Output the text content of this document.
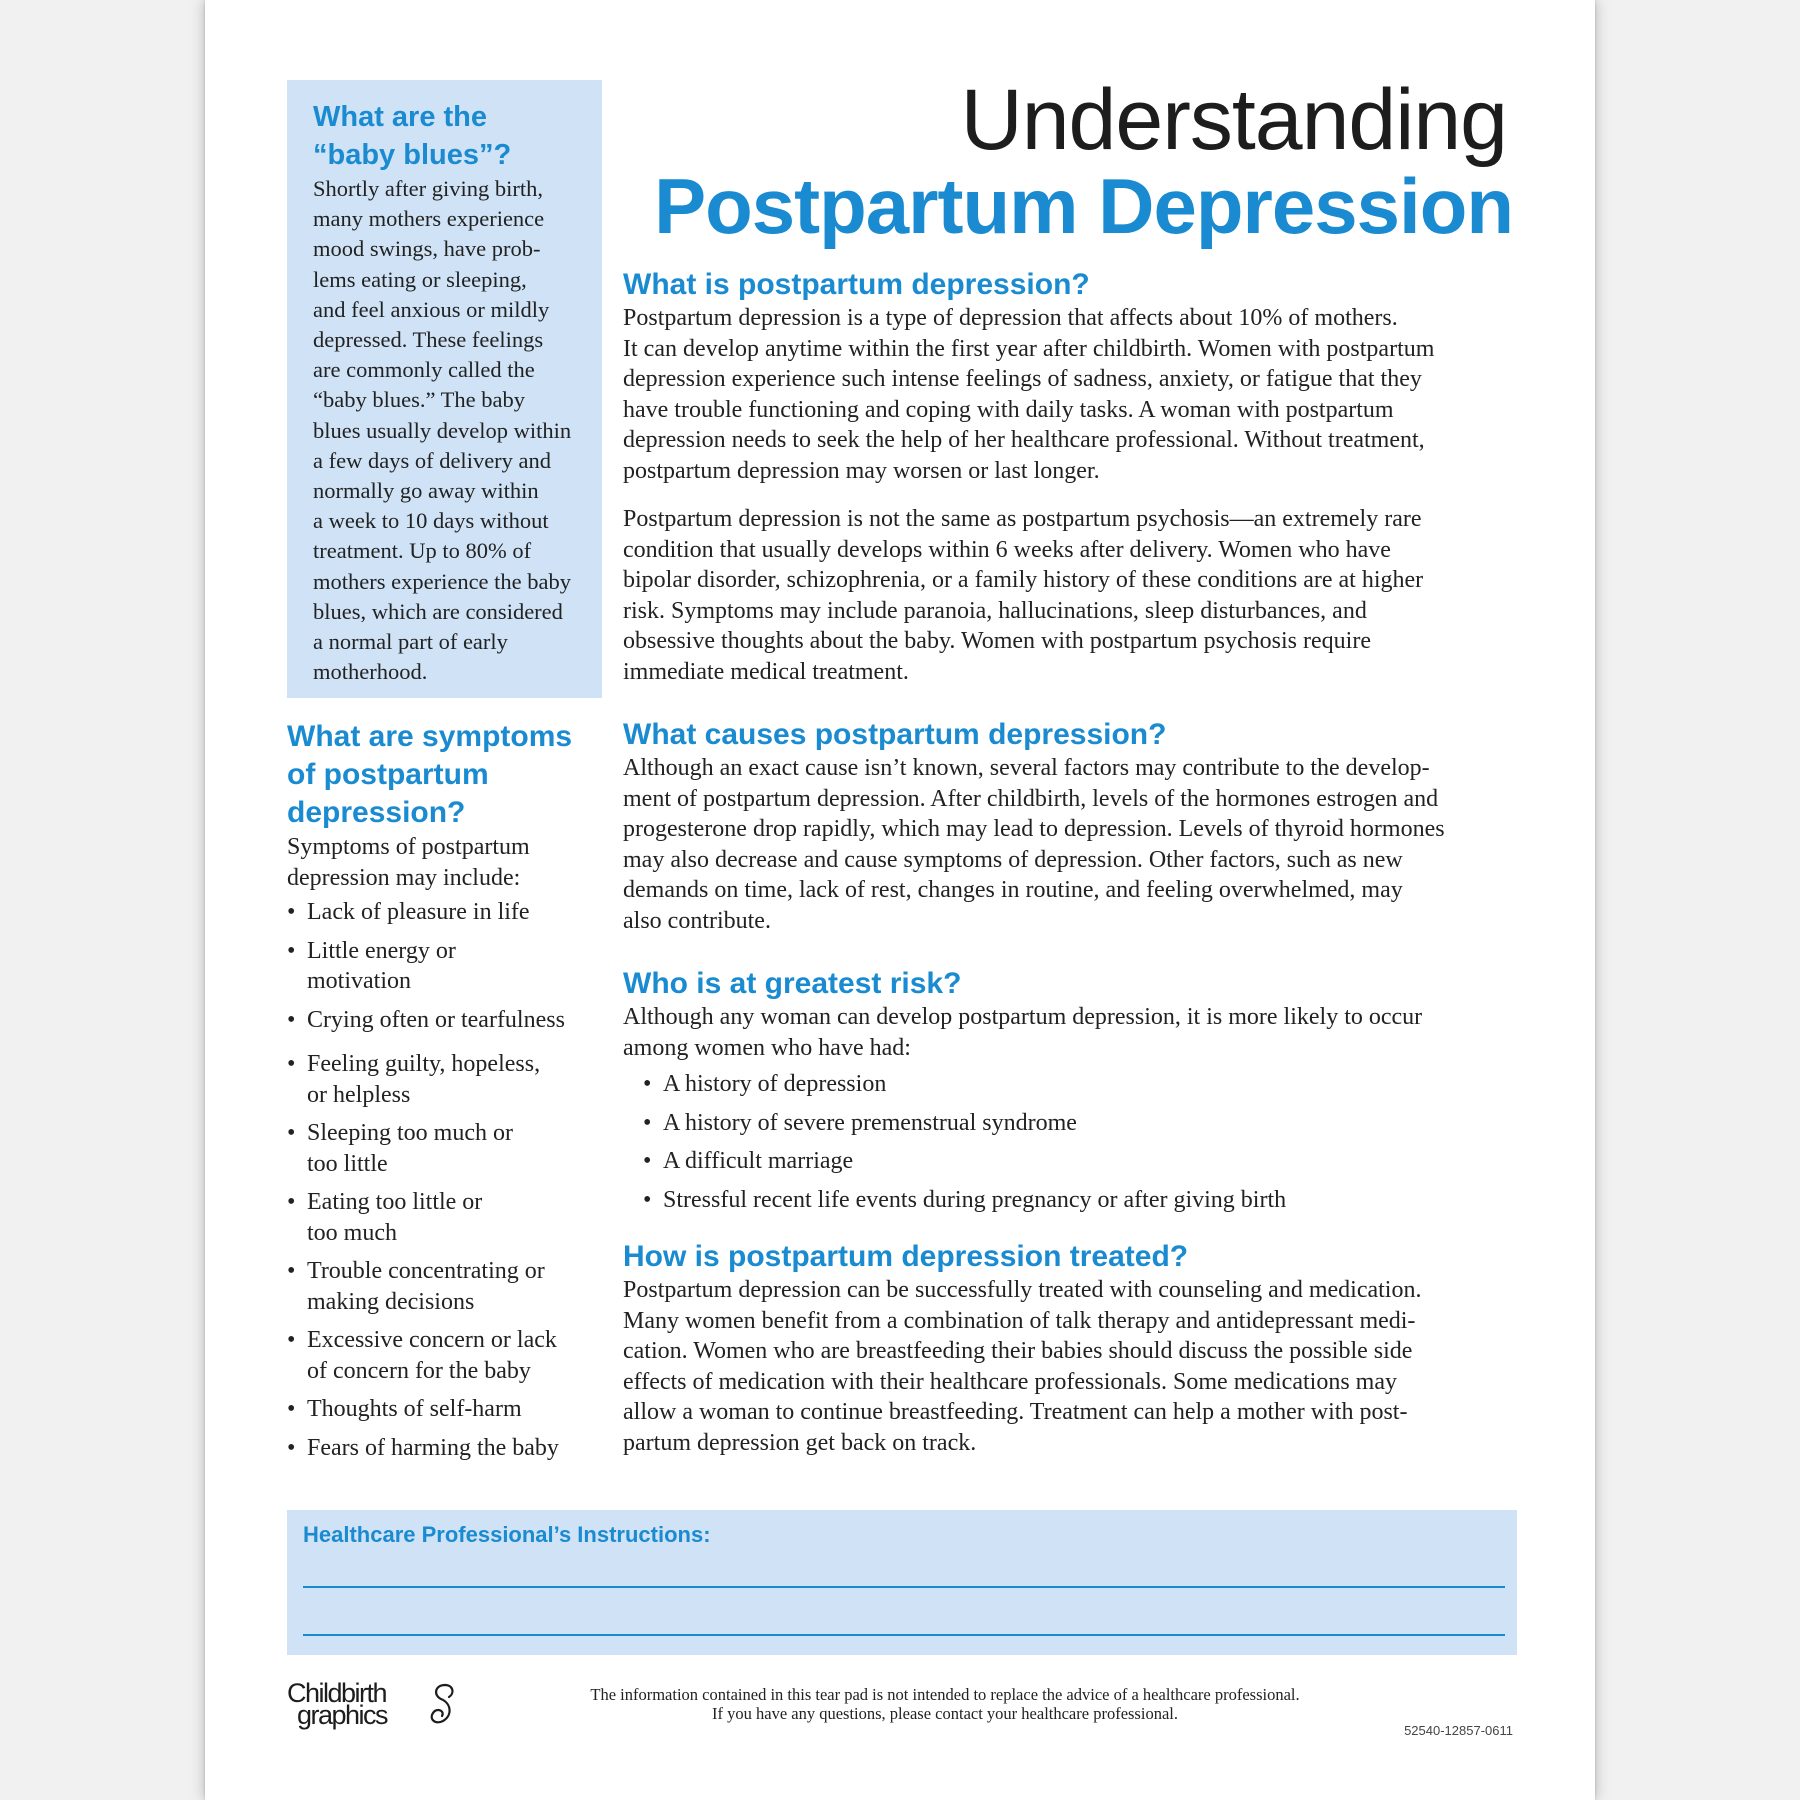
Understanding
Postpartum Depression
What are the
“baby blues”?

Shortly after giving birth,
many mothers experience
mood swings, have prob-
lems eating or sleeping,
and feel anxious or mildly
depressed. These feelings
are commonly called the
“baby blues.” The baby
blues usually develop within
a few days of delivery and
normally go away within
a week to 10 days without
treatment. Up to 80% of
mothers experience the baby
blues, which are considered
a normal part of early
motherhood.

What are symptoms
of postpartum
depression?

Symptoms of postpartum
depression may include:

• Lack of pleasure in life
• Little energy or
motivation
• Crying often or tearfulness
• Feeling guilty, hopeless,
or helpless
• Sleeping too much or
too little
• Eating too little or
too much
• Trouble concentrating or
making decisions
• Excessive concern or lack
of concern for the baby
• Thoughts of self-harm
• Fears of harming the baby
What is postpartum depression?

Postpartum depression is a type of depression that affects about 10% of mothers.
It can develop anytime within the first year after childbirth. Women with postpartum
depression experience such intense feelings of sadness, anxiety, or fatigue that they
have trouble functioning and coping with daily tasks. A woman with postpartum
depression needs to seek the help of her healthcare professional. Without treatment,
postpartum depression may worsen or last longer.

Postpartum depression is not the same as postpartum psychosis—an extremely rare
condition that usually develops within 6 weeks after delivery. Women who have
bipolar disorder, schizophrenia, or a family history of these conditions are at higher
risk. Symptoms may include paranoia, hallucinations, sleep disturbances, and
obsessive thoughts about the baby. Women with postpartum psychosis require
immediate medical treatment.

What causes postpartum depression?

Although an exact cause isn’t known, several factors may contribute to the develop-
ment of postpartum depression. After childbirth, levels of the hormones estrogen and
progesterone drop rapidly, which may lead to depression. Levels of thyroid hormones
may also decrease and cause symptoms of depression. Other factors, such as new
demands on time, lack of rest, changes in routine, and feeling overwhelmed, may
also contribute.

Who is at greatest risk?

Although any woman can develop postpartum depression, it is more likely to occur
among women who have had:

• A history of depression
• A history of severe premenstrual syndrome
• A difficult marriage
• Stressful recent life events during pregnancy or after giving birth
How is postpartum depression treated?

Postpartum depression can be successfully treated with counseling and medication.
Many women benefit from a combination of talk therapy and antidepressant medi-
cation. Women who are breastfeeding their babies should discuss the possible side
effects of medication with their healthcare professionals. Some medications may
allow a woman to continue breastfeeding. Treatment can help a mother with post-
partum depression get back on track.

Healthcare Professional’s Instructions:
Childbirth
graphics
The information contained in this tear pad is not intended to replace the advice of a healthcare professional.
If you have any questions, please contact your healthcare professional.
52540-12857-0611
